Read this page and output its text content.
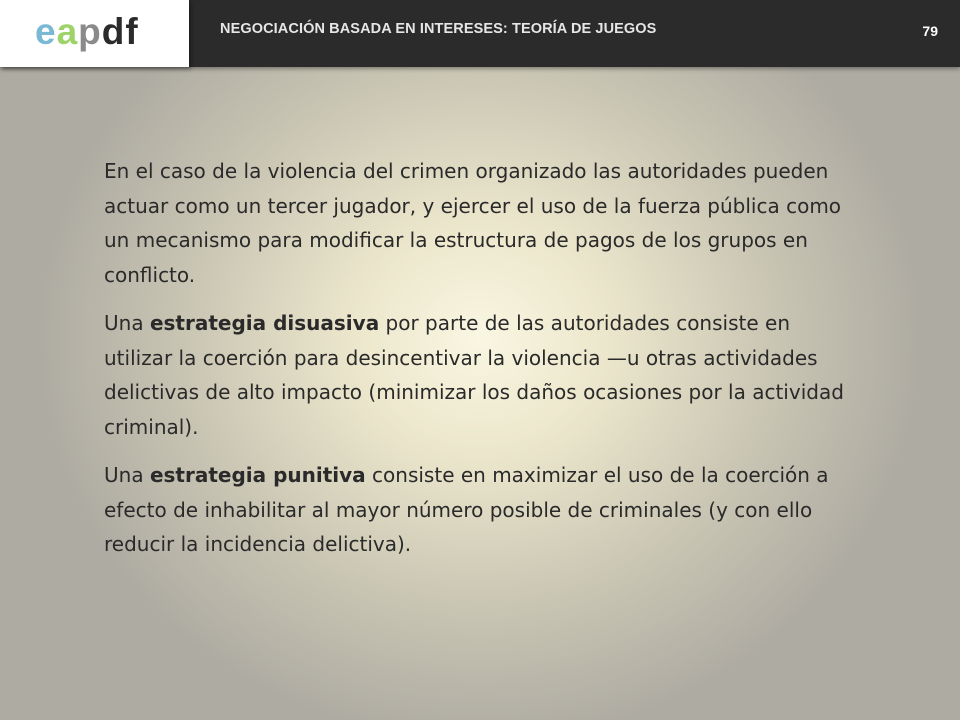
eapdf	NEGOCIACIÓN BASADA EN INTERESES: TEORÍA DE JUEGOS	79

En el caso de la violencia del crimen organizado las autoridades pueden actuar como un tercer jugador, y ejercer el uso de la fuerza pública como un mecanismo para modificar la estructura de pagos de los grupos en conflicto.

Una estrategia disuasiva por parte de las autoridades consiste en utilizar la coerción para desincentivar la violencia —u otras actividades delictivas de alto impacto (minimizar los daños ocasiones por la actividad criminal).

Una estrategia punitiva consiste en maximizar el uso de la coerción a efecto de inhabilitar al mayor número posible de criminales (y con ello reducir la incidencia delictiva).
